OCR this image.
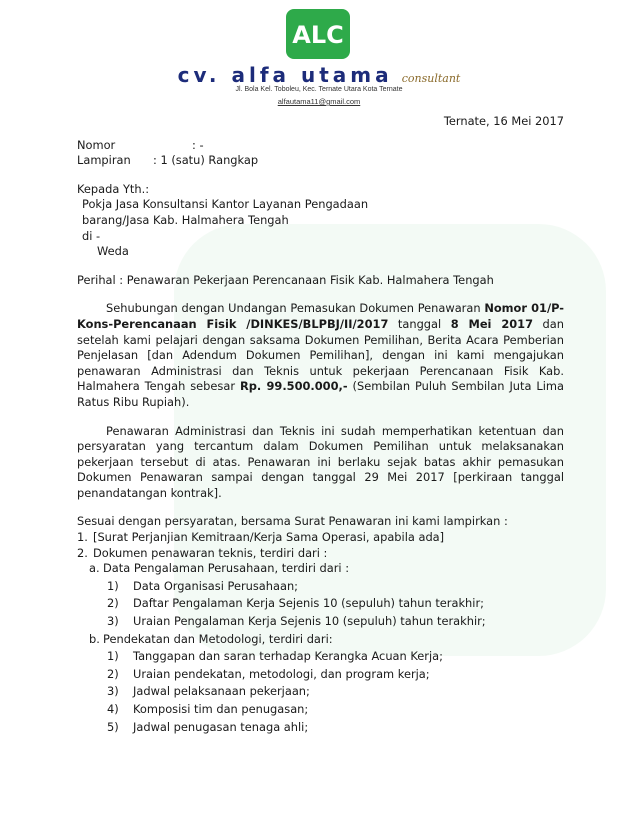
ALC
cv. alfa utama consultant
Jl. Bola Kel. Toboleu, Kec. Ternate Utara Kota Ternate
alfautama11@gmail.com

Ternate, 16 Mei 2017

Nomor	: -
Lampiran	: 1 (satu) Rangkap

Kepada Yth.:

Pokja Jasa Konsultansi Kantor Layanan Pengadaan

barang/Jasa Kab. Halmahera Tengah

di -

Weda

Perihal : Penawaran Pekerjaan Perencanaan Fisik Kab. Halmahera Tengah

Sehubungan dengan Undangan Pemasukan Dokumen Penawaran Nomor 01/P-Kons-Perencanaan Fisik /DINKES/BLPBJ/II/2017 tanggal 8 Mei 2017 dan setelah kami pelajari dengan saksama Dokumen Pemilihan, Berita Acara Pemberian Penjelasan [dan Adendum Dokumen Pemilihan], dengan ini kami mengajukan penawaran Administrasi dan Teknis untuk pekerjaan Perencanaan Fisik Kab. Halmahera Tengah sebesar Rp. 99.500.000,- (Sembilan Puluh Sembilan Juta Lima Ratus Ribu Rupiah).

Penawaran Administrasi dan Teknis ini sudah memperhatikan ketentuan dan persyaratan yang tercantum dalam Dokumen Pemilihan untuk melaksanakan pekerjaan tersebut di atas. Penawaran ini berlaku sejak batas akhir pemasukan Dokumen Penawaran sampai dengan tanggal 29 Mei 2017 [perkiraan tanggal penandatangan kontrak].

Sesuai dengan persyaratan, bersama Surat Penawaran ini kami lampirkan :

1. [Surat Perjanjian Kemitraan/Kerja Sama Operasi, apabila ada]
2. Dokumen penawaran teknis, terdiri dari :
a. Data Pengalaman Perusahaan, terdiri dari :
1)	Data Organisasi Perusahaan;
2)	Daftar Pengalaman Kerja Sejenis 10 (sepuluh) tahun terakhir;
3)	Uraian Pengalaman Kerja Sejenis 10 (sepuluh) tahun terakhir;
b. Pendekatan dan Metodologi, terdiri dari:
1)	Tanggapan dan saran terhadap Kerangka Acuan Kerja;
2)	Uraian pendekatan, metodologi, dan program kerja;
3)	Jadwal pelaksanaan pekerjaan;
4)	Komposisi tim dan penugasan;
5)	Jadwal penugasan tenaga ahli;
